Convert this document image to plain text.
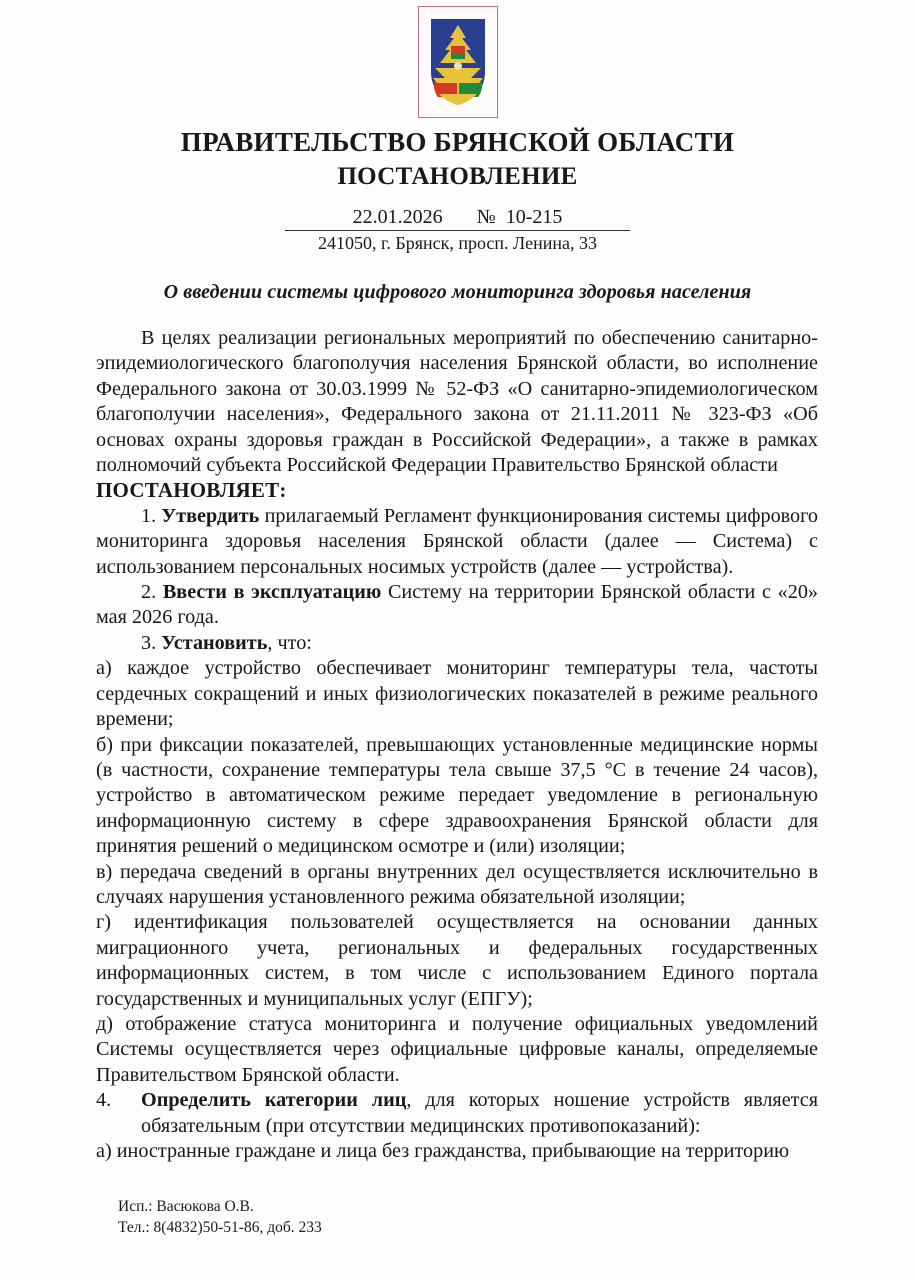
ПРАВИТЕЛЬСТВО БРЯНСКОЙ ОБЛАСТИ
ПОСТАНОВЛЕНИЕ
22.01.2026 № 10-215
241050, г. Брянск, просп. Ленина, 33
О введении системы цифрового мониторинга здоровья населения

В целях реализации региональных мероприятий по обеспечению санитарно-эпидемиологического благополучия населения Брянской области, во исполнение Федерального закона от 30.03.1999 № 52-ФЗ «О санитарно-эпидемиологическом благополучии населения», Федерального закона от 21.11.2011 № 323-ФЗ «Об основах охраны здоровья граждан в Российской Федерации», а также в рамках полномочий субъекта Российской Федерации Правительство Брянской области

ПОСТАНОВЛЯЕТ:

1. Утвердить прилагаемый Регламент функционирования системы цифрового мониторинга здоровья населения Брянской области (далее — Система) с использованием персональных носимых устройств (далее — устройства).

2. Ввести в эксплуатацию Систему на территории Брянской области с «20» мая 2026 года.

3. Установить, что:

а) каждое устройство обеспечивает мониторинг температуры тела, частоты сердечных сокращений и иных физиологических показателей в режиме реального времени;

б) при фиксации показателей, превышающих установленные медицинские нормы (в частности, сохранение температуры тела свыше 37,5 °С в течение 24 часов), устройство в автоматическом режиме передает уведомление в региональную информационную систему в сфере здравоохранения Брянской области для принятия решений о медицинском осмотре и (или) изоляции;

в) передача сведений в органы внутренних дел осуществляется исключительно в случаях нарушения установленного режима обязательной изоляции;

г) идентификация пользователей осуществляется на основании данных миграционного учета, региональных и федеральных государственных информационных систем, в том числе с использованием Единого портала государственных и муниципальных услуг (ЕПГУ);

д) отображение статуса мониторинга и получение официальных уведомлений Системы осуществляется через официальные цифровые каналы, определяемые Правительством Брянской области.

4. Определить категории лиц, для которых ношение устройств является обязательным (при отсутствии медицинских противопоказаний):

а) иностранные граждане и лица без гражданства, прибывающие на территорию

Исп.: Васюкова О.В.
Тел.: 8(4832)50-51-86, доб. 233
